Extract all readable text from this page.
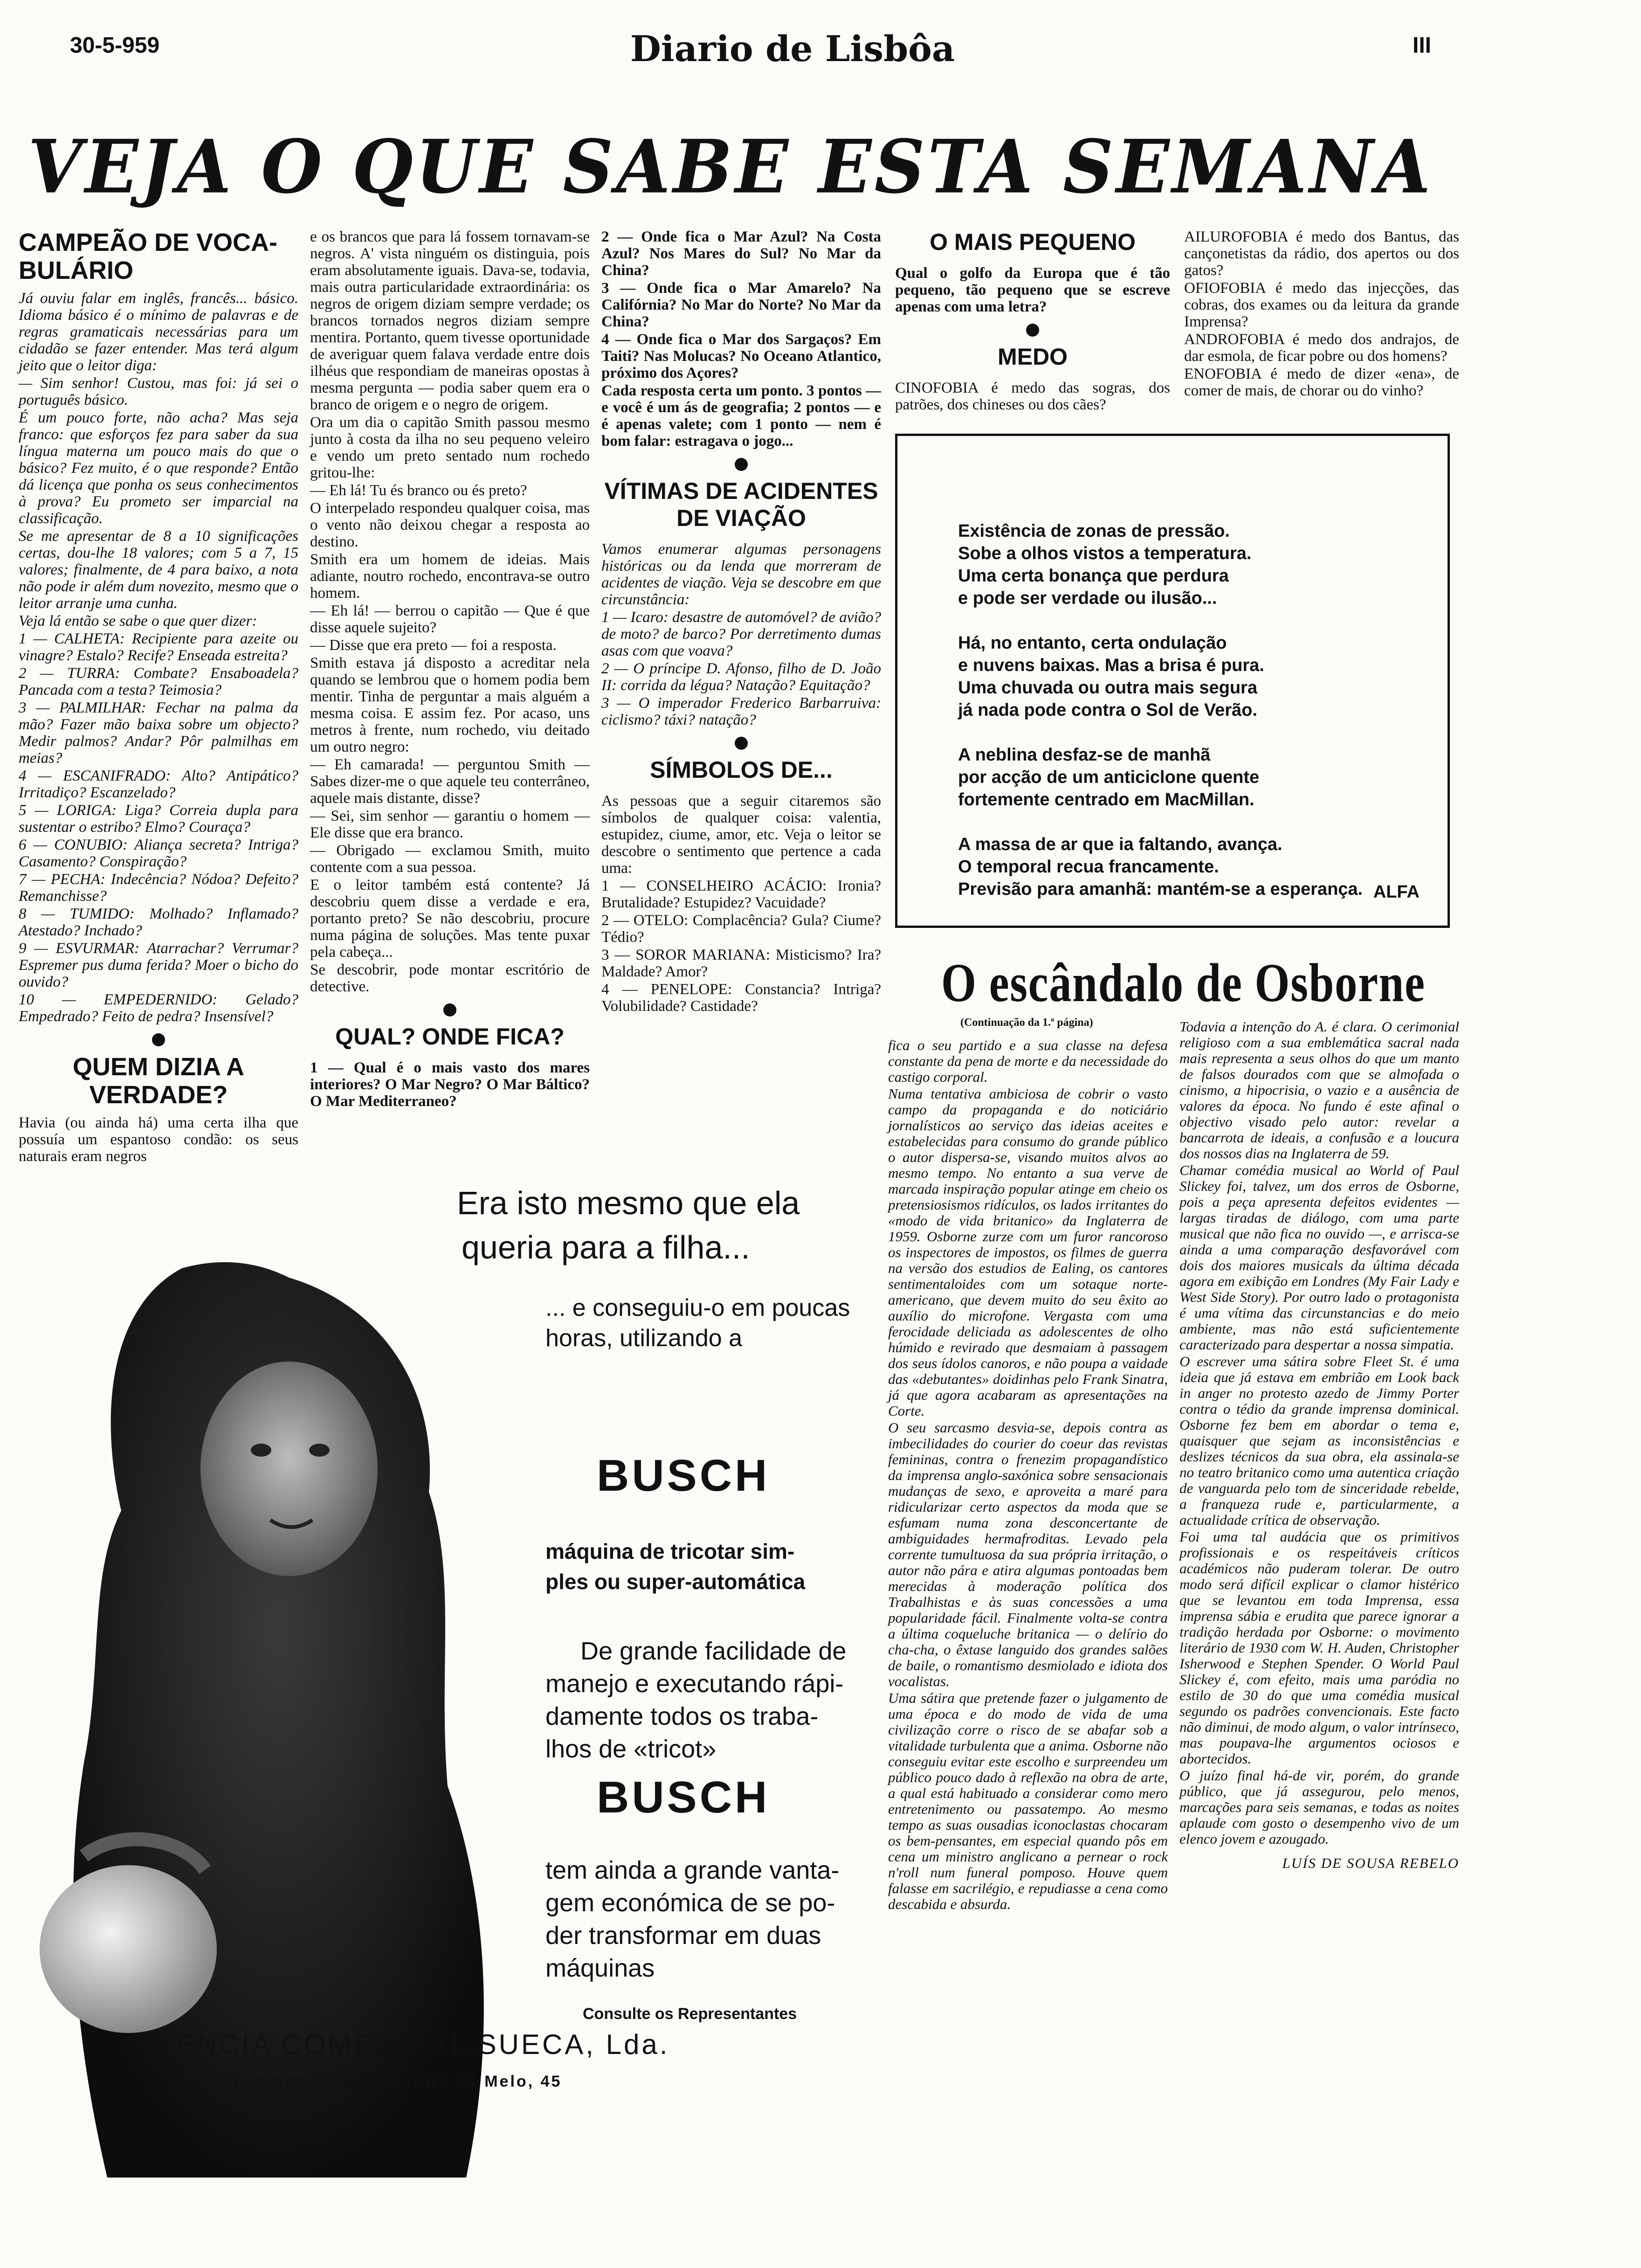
30-5-959	Diario de Lisbôa	III
VEJA O QUE SABE ESTA SEMANA
CAMPEÃO DE VOCA-BULÁRIO

Já ouviu falar em inglês, francês... básico. Idioma básico é o mínimo de palavras e de regras gramaticais necessárias para um cidadão se fazer entender. Mas terá algum jeito que o leitor diga:

— Sim senhor! Custou, mas foi: já sei o português básico.

É um pouco forte, não acha? Mas seja franco: que esforços fez para saber da sua língua materna um pouco mais do que o básico? Fez muito, é o que responde? Então dá licença que ponha os seus conhecimentos à prova? Eu prometo ser imparcial na classificação.

Se me apresentar de 8 a 10 significações certas, dou-lhe 18 valores; com 5 a 7, 15 valores; finalmente, de 4 para baixo, a nota não pode ir além dum novezito, mesmo que o leitor arranje uma cunha.

Veja lá então se sabe o que quer dizer:

1 — CALHETA: Recipiente para azeite ou vinagre? Estalo? Recife? Enseada estreita?

2 — TURRA: Combate? Ensaboadela? Pancada com a testa? Teimosia?

3 — PALMILHAR: Fechar na palma da mão? Fazer mão baixa sobre um objecto? Medir palmos? Andar? Pôr palmilhas em meias?

4 — ESCANIFRADO: Alto? Antipático? Irritadiço? Escanzelado?

5 — LORIGA: Liga? Correia dupla para sustentar o estribo? Elmo? Couraça?

6 — CONUBIO: Aliança secreta? Intriga? Casamento? Conspiração?

7 — PECHA: Indecência? Nódoa? Defeito? Remanchisse?

8 — TUMIDO: Molhado? Inflamado? Atestado? Inchado?

9 — ESVURMAR: Atarrachar? Verrumar? Espremer pus duma ferida? Moer o bicho do ouvido?

10 — EMPEDERNIDO: Gelado? Empedrado? Feito de pedra? Insensível?

QUEM DIZIA A VERDADE?

Havia (ou ainda há) uma certa ilha que possuía um espantoso condão: os seus naturais eram negros

e os brancos que para lá fossem tornavam-se negros. A' vista ninguém os distinguia, pois eram absolutamente iguais. Dava-se, todavia, mais outra particularidade extraordinária: os negros de origem diziam sempre verdade; os brancos tornados negros diziam sempre mentira. Portanto, quem tivesse oportunidade de averiguar quem falava verdade entre dois ilhéus que respondiam de maneiras opostas à mesma pergunta — podia saber quem era o branco de origem e o negro de origem.

Ora um dia o capitão Smith passou mesmo junto à costa da ilha no seu pequeno veleiro e vendo um preto sentado num rochedo gritou-lhe:

— Eh lá! Tu és branco ou és preto?

O interpelado respondeu qualquer coisa, mas o vento não deixou chegar a resposta ao destino.

Smith era um homem de ideias. Mais adiante, noutro rochedo, encontrava-se outro homem.

— Eh lá! — berrou o capitão — Que é que disse aquele sujeito?

— Disse que era preto — foi a resposta.

Smith estava já disposto a acreditar nela quando se lembrou que o homem podia bem mentir. Tinha de perguntar a mais alguém a mesma coisa. E assim fez. Por acaso, uns metros à frente, num rochedo, viu deitado um outro negro:

— Eh camarada! — perguntou Smith — Sabes dizer-me o que aquele teu conterrâneo, aquele mais distante, disse?

— Sei, sim senhor — garantiu o homem — Ele disse que era branco.

— Obrigado — exclamou Smith, muito contente com a sua pessoa.

E o leitor também está contente? Já descobriu quem disse a verdade e era, portanto preto? Se não descobriu, procure numa página de soluções. Mas tente puxar pela cabeça...

Se descobrir, pode montar escritório de detective.

QUAL? ONDE FICA?

1 — Qual é o mais vasto dos mares interiores? O Mar Negro? O Mar Báltico? O Mar Mediterraneo?

2 — Onde fica o Mar Azul? Na Costa Azul? Nos Mares do Sul? No Mar da China?

3 — Onde fica o Mar Amarelo? Na Califórnia? No Mar do Norte? No Mar da China?

4 — Onde fica o Mar dos Sargaços? Em Taiti? Nas Molucas? No Oceano Atlantico, próximo dos Açores?

Cada resposta certa um ponto. 3 pontos — e você é um ás de geografia; 2 pontos — e é apenas valete; com 1 ponto — nem é bom falar: estragava o jogo...

VÍTIMAS DE ACIDENTES DE VIAÇÃO

Vamos enumerar algumas personagens históricas ou da lenda que morreram de acidentes de viação. Veja se descobre em que circunstância:

1 — Icaro: desastre de automóvel? de avião? de moto? de barco? Por derretimento dumas asas com que voava?

2 — O príncipe D. Afonso, filho de D. João II: corrida da légua? Natação? Equitação?

3 — O imperador Frederico Barbarruiva: ciclismo? táxi? natação?

SÍMBOLOS DE...

As pessoas que a seguir citaremos são símbolos de qualquer coisa: valentia, estupidez, ciume, amor, etc. Veja o leitor se descobre o sentimento que pertence a cada uma:

1 — CONSELHEIRO ACÁCIO: Ironia? Brutalidade? Estupidez? Vacuidade?

2 — OTELO: Complacência? Gula? Ciume? Tédio?

3 — SOROR MARIANA: Misticismo? Ira? Maldade? Amor?

4 — PENELOPE: Constancia? Intriga? Volubilidade? Castidade?

O MAIS PEQUENO

Qual o golfo da Europa que é tão pequeno, tão pequeno que se escreve apenas com uma letra?

MEDO

CINOFOBIA é medo das sogras, dos patrões, dos chineses ou dos cães?

AILUROFOBIA é medo dos Bantus, das cançonetistas da rádio, dos apertos ou dos gatos?

OFIOFOBIA é medo das injecções, das cobras, dos exames ou da leitura da grande Imprensa?

ANDROFOBIA é medo dos andrajos, de dar esmola, de ficar pobre ou dos homens?

ENOFOBIA é medo de dizer «ena», de comer de mais, de chorar ou do vinho?

Existência de zonas de pressão.
Sobe a olhos vistos a temperatura.
Uma certa bonança que perdura
e pode ser verdade ou ilusão...
Há, no entanto, certa ondulação
e nuvens baixas. Mas a brisa é pura.
Uma chuvada ou outra mais segura
já nada pode contra o Sol de Verão.
A neblina desfaz-se de manhã
por acção de um anticiclone quente
fortemente centrado em MacMillan.
A massa de ar que ia faltando, avança.
O temporal recua francamente.
Previsão para amanhã: mantém-se a esperança. ALFA
O escândalo de Osborne
(Continuação da 1.ª página)

fica o seu partido e a sua classe na defesa constante da pena de morte e da necessidade do castigo corporal.

Numa tentativa ambiciosa de cobrir o vasto campo da propaganda e do noticiário jornalísticos ao serviço das ideias aceites e estabelecidas para consumo do grande público o autor dispersa-se, visando muitos alvos ao mesmo tempo. No entanto a sua verve de marcada inspiração popular atinge em cheio os pretensiosismos ridículos, os lados irritantes do «modo de vida britanico» da Inglaterra de 1959. Osborne zurze com um furor rancoroso os inspectores de impostos, os filmes de guerra na versão dos estudios de Ealing, os cantores sentimentaloides com um sotaque norte-americano, que devem muito do seu êxito ao auxílio do microfone. Vergasta com uma ferocidade deliciada as adolescentes de olho húmido e revirado que desmaiam à passagem dos seus ídolos canoros, e não poupa a vaidade das «debutantes» doidinhas pelo Frank Sinatra, já que agora acabaram as apresentações na Corte.

O seu sarcasmo desvia-se, depois contra as imbecilidades do courier do coeur das revistas femininas, contra o frenezim propagandístico da imprensa anglo-saxónica sobre sensacionais mudanças de sexo, e aproveita a maré para ridicularizar certo aspectos da moda que se esfumam numa zona desconcertante de ambiguidades hermafroditas. Levado pela corrente tumultuosa da sua própria irritação, o autor não pára e atira algumas pontoadas bem merecidas à moderação política dos Trabalhistas e às suas concessões a uma popularidade fácil. Finalmente volta-se contra a última coqueluche britanica — o delírio do cha-cha, o êxtase languido dos grandes salões de baile, o romantismo desmiolado e idiota dos vocalistas.

Uma sátira que pretende fazer o julgamento de uma época e do modo de vida de uma civilização corre o risco de se abafar sob a vitalidade turbulenta que a anima. Osborne não conseguiu evitar este escolho e surpreendeu um público pouco dado à reflexão na obra de arte, a qual está habituado a considerar como mero entretenimento ou passatempo. Ao mesmo tempo as suas ousadias iconoclastas chocaram os bem-pensantes, em especial quando pôs em cena um ministro anglicano a pernear o rock n'roll num funeral pomposo. Houve quem falasse em sacrilégio, e repudiasse a cena como descabida e absurda.

Todavia a intenção do A. é clara. O cerimonial religioso com a sua emblemática sacral nada mais representa a seus olhos do que um manto de falsos dourados com que se almofada o cinismo, a hipocrisia, o vazio e a ausência de valores da época. No fundo é este afinal o objectivo visado pelo autor: revelar a bancarrota de ideais, a confusão e a loucura dos nossos dias na Inglaterra de 59.

Chamar comédia musical ao World of Paul Slickey foi, talvez, um dos erros de Osborne, pois a peça apresenta defeitos evidentes — largas tiradas de diálogo, com uma parte musical que não fica no ouvido —, e arrisca-se ainda a uma comparação desfavorável com dois dos maiores musicals da última década agora em exibição em Londres (My Fair Lady e West Side Story). Por outro lado o protagonista é uma vítima das circunstancias e do meio ambiente, mas não está suficientemente caracterizado para despertar a nossa simpatia.

O escrever uma sátira sobre Fleet St. é uma ideia que já estava em embrião em Look back in anger no protesto azedo de Jimmy Porter contra o tédio da grande imprensa dominical. Osborne fez bem em abordar o tema e, quaisquer que sejam as inconsistências e deslizes técnicos da sua obra, ela assinala-se no teatro britanico como uma autentica criação de vanguarda pelo tom de sinceridade rebelde, a franqueza rude e, particularmente, a actualidade crítica de observação.

Foi uma tal audácia que os primitivos profissionais e os respeitáveis críticos académicos não puderam tolerar. De outro modo será difícil explicar o clamor histérico que se levantou em toda Imprensa, essa imprensa sábia e erudita que parece ignorar a tradição herdada por Osborne: o movimento literário de 1930 com W. H. Auden, Christopher Isherwood e Stephen Spender. O World Paul Slickey é, com efeito, mais uma paródia no estilo de 30 do que uma comédia musical segundo os padrões convencionais. Este facto não diminui, de modo algum, o valor intrínseco, mas poupava-lhe argumentos ociosos e abortecidos.

O juízo final há-de vir, porém, do grande público, que já assegurou, pelo menos, marcações para seis semanas, e todas as noites aplaude com gosto o desempenho vivo de um elenco jovem e azougado.

LUÍS DE SOUSA REBELO
Era isto mesmo que ela
queria para a filha...
... e conseguiu-o em poucas
horas, utilizando a
BUSCH
máquina de tricotar sim-
ples ou super-automática
De grande facilidade de
manejo e executando rápi-
damente todos os traba-
lhos de «tricot»
BUSCH
tem ainda a grande vanta-
gem económica de se po-
der transformar em duas
máquinas
Consulte os Representantes
AGENCIA COMERCIAL SUECA, Lda.
Avenida Fontes Pereira de Melo, 45
